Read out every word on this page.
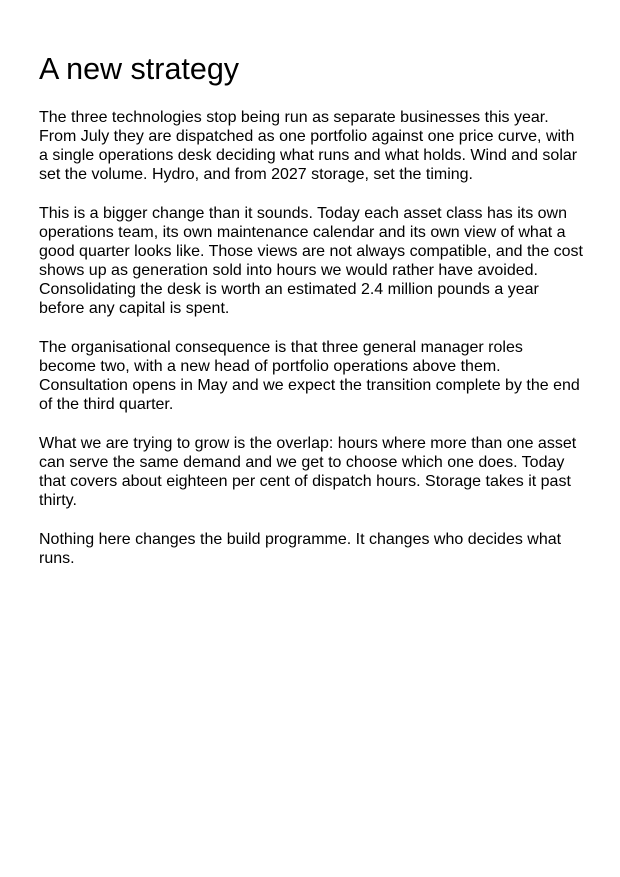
A new strategy

The three technologies stop being run as separate businesses this year. From July they are dispatched as one portfolio against one price curve, with a single operations desk deciding what runs and what holds. Wind and solar set the volume. Hydro, and from 2027 storage, set the timing.

This is a bigger change than it sounds. Today each asset class has its own operations team, its own maintenance calendar and its own view of what a good quarter looks like. Those views are not always compatible, and the cost shows up as generation sold into hours we would rather have avoided. Consolidating the desk is worth an estimated 2.4 million pounds a year before any capital is spent.

The organisational consequence is that three general manager roles become two, with a new head of portfolio operations above them. Consultation opens in May and we expect the transition complete by the end of the third quarter.

What we are trying to grow is the overlap: hours where more than one asset can serve the same demand and we get to choose which one does. Today that covers about eighteen per cent of dispatch hours. Storage takes it past thirty.

Nothing here changes the build programme. It changes who decides what runs.
